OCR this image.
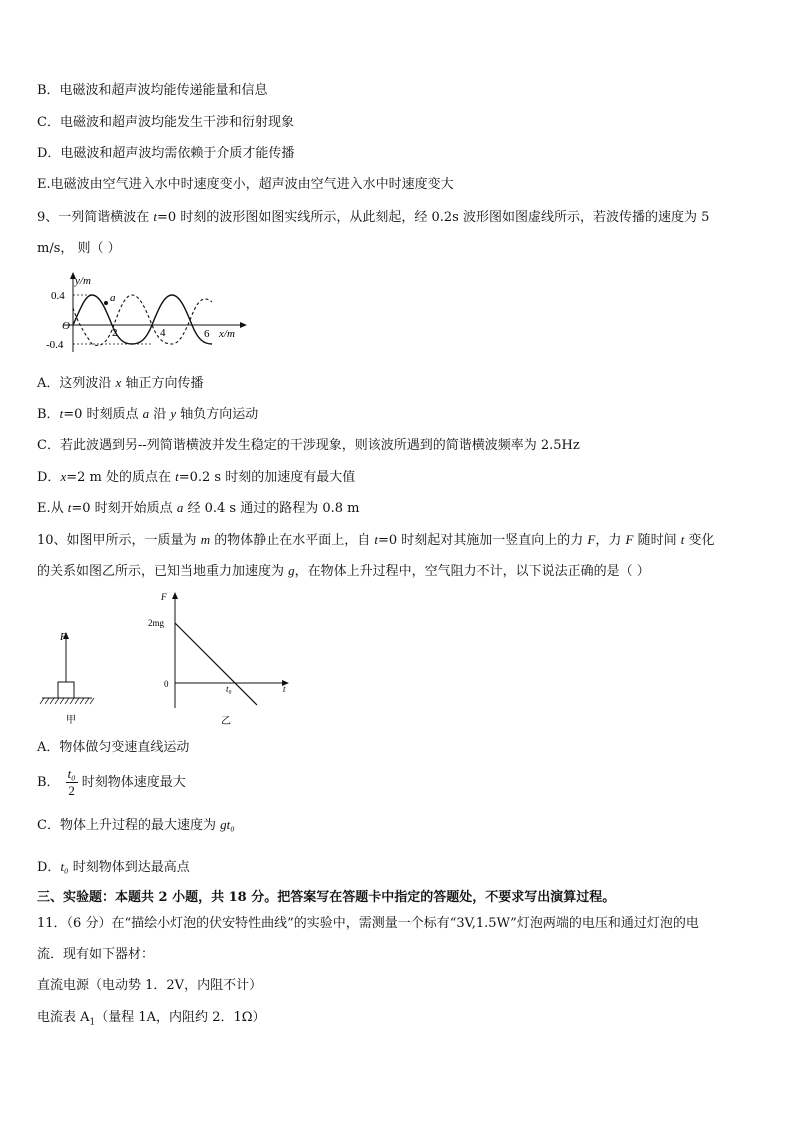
B．电磁波和超声波均能传递能量和信息
C．电磁波和超声波均能发生干涉和衍射现象
D．电磁波和超声波均需依赖于介质才能传播
E.电磁波由空气进入水中时速度变小，超声波由空气进入水中时速度变大
9、一列简谐横波在 t=0 时刻的波形图如图实线所示，从此刻起，经 0.2s 波形图如图虚线所示，若波传播的速度为 5
m/s， 则（ ）
a
y/m
x/m
O
0.4
-0.4
2	4	6
A．这列波沿 x 轴正方向传播
B．t=0 时刻质点 a 沿 y 轴负方向运动
C．若此波遇到另--列简谐横波并发生稳定的干涉现象，则该波所遇到的简谐横波频率为 2.5Hz
D．x=2 m 处的质点在 t=0.2 s 时刻的加速度有最大值
E.从 t=0 时刻开始质点 a 经 0.4 s 通过的路程为 0.8 m
10、如图甲所示，一质量为 m 的物体静止在水平面上，自 t=0 时刻起对其施加一竖直向上的力 F，力 F 随时间 t 变化
的关系如图乙所示，已知当地重力加速度为 g，在物体上升过程中，空气阻力不计，以下说法正确的是（ ）
F
甲
F
t
2mg
0	t₀
乙
A．物体做匀变速直线运动
B． $\frac{\text{t₀}}{2}$ 时刻物体速度最大
C．物体上升过程的最大速度为 gt₀
D．t₀ 时刻物体到达最高点
三、实验题：本题共 2 小题，共 18 分。把答案写在答题卡中指定的答题处，不要求写出演算过程。
11．（6 分）在“描绘小灯泡的伏安特性曲线”的实验中，需测量一个标有“3V,1.5W”灯泡两端的电压和通过灯泡的电
流．现有如下器材：
直流电源（电动势 1．2V，内阻不计）
电流表 $A_1$（量程 1A，内阻约 2．1Ω）
